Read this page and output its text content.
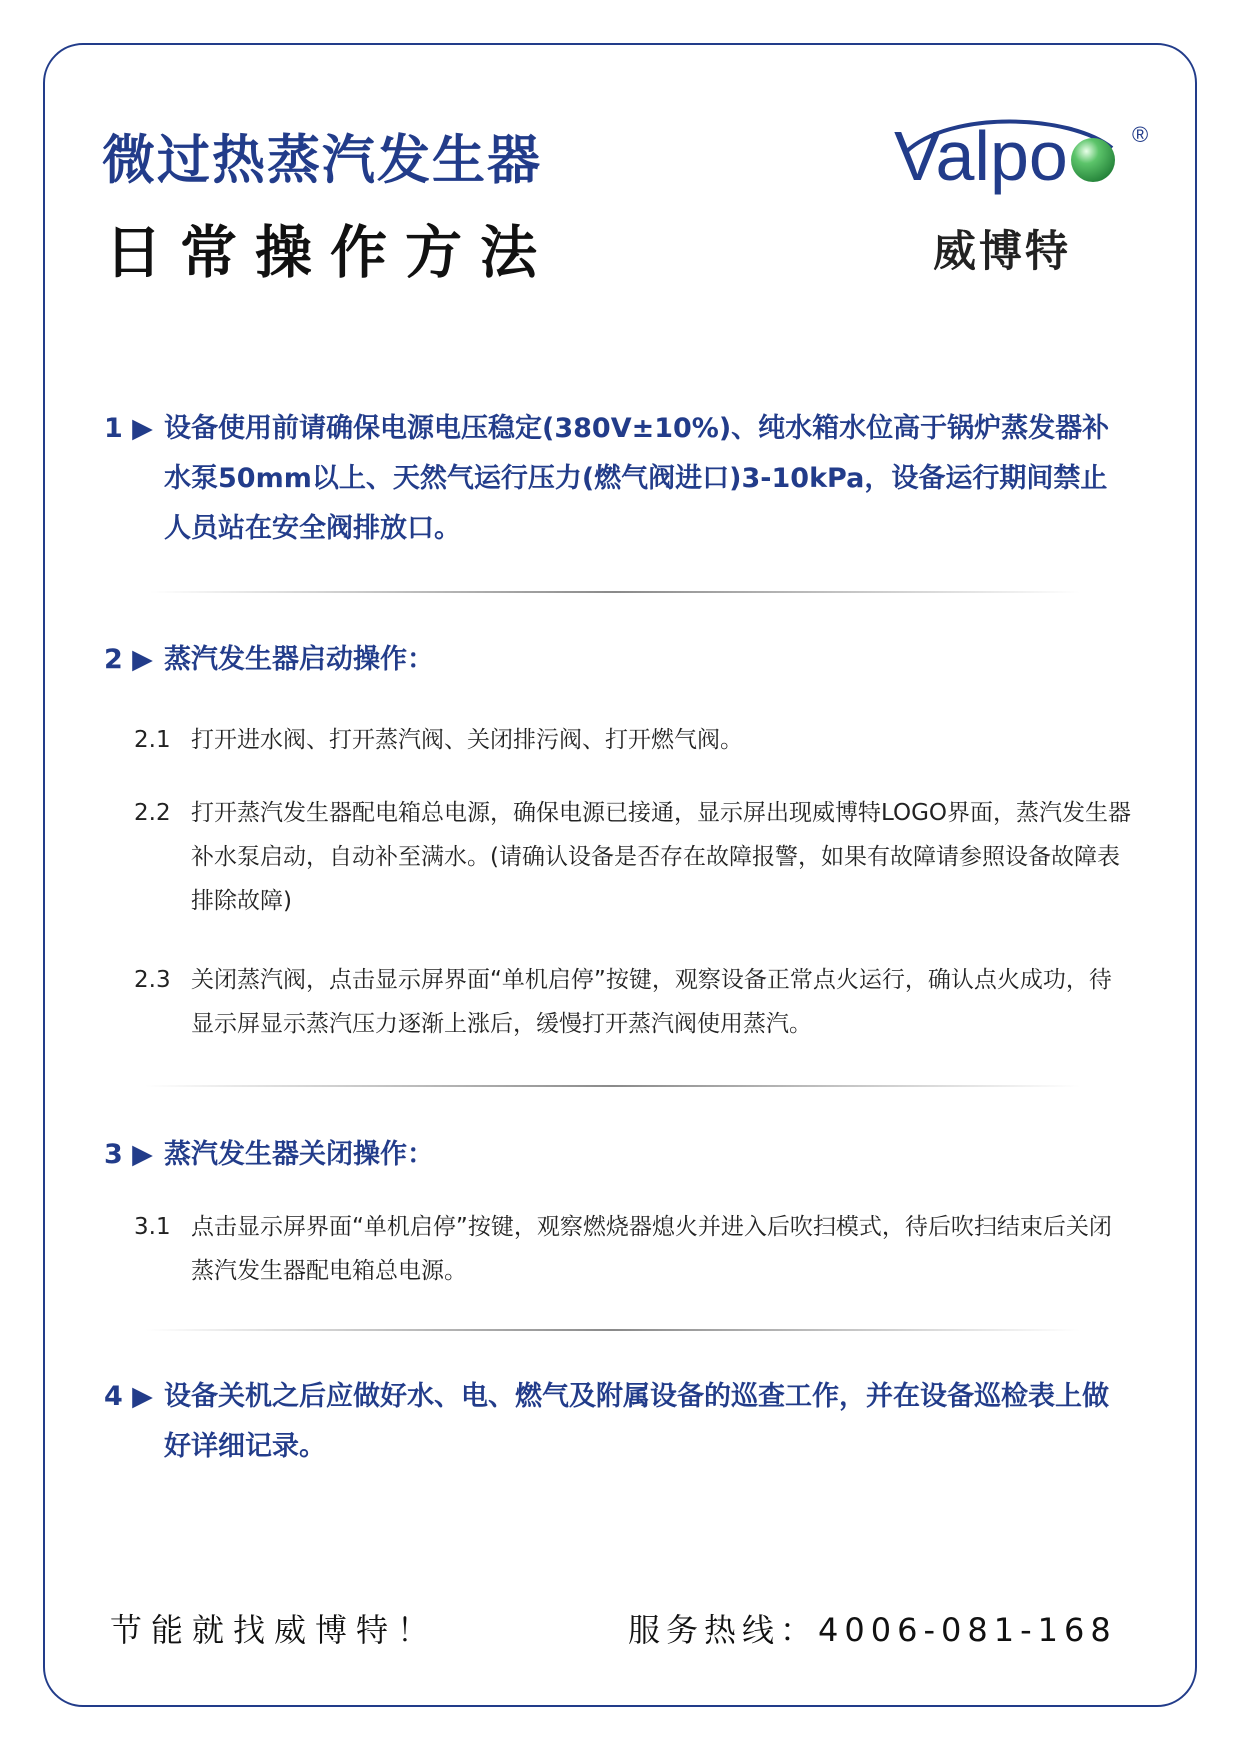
微过热蒸汽发生器
日常操作方法
Valpo	®
威博特
1 ▶ 设备使用前请确保电源电压稳定(380V±10%)、纯水箱水位高于锅炉蒸发器补水泵50mm以上、天然气运行压力(燃气阀进口)3-10kPa，设备运行期间禁止人员站在安全阀排放口。
2 ▶ 蒸汽发生器启动操作：
2.1 打开进水阀、打开蒸汽阀、关闭排污阀、打开燃气阀。
2.2 打开蒸汽发生器配电箱总电源，确保电源已接通，显示屏出现威博特LOGO界面，蒸汽发生器补水泵启动，自动补至满水。(请确认设备是否存在故障报警，如果有故障请参照设备故障表排除故障)
2.3 关闭蒸汽阀，点击显示屏界面“单机启停”按键，观察设备正常点火运行，确认点火成功，待显示屏显示蒸汽压力逐渐上涨后，缓慢打开蒸汽阀使用蒸汽。
3 ▶ 蒸汽发生器关闭操作：
3.1 点击显示屏界面“单机启停”按键，观察燃烧器熄火并进入后吹扫模式，待后吹扫结束后关闭蒸汽发生器配电箱总电源。
4 ▶ 设备关机之后应做好水、电、燃气及附属设备的巡查工作，并在设备巡检表上做好详细记录。
节能就找威博特！	服务热线：4006-081-168
